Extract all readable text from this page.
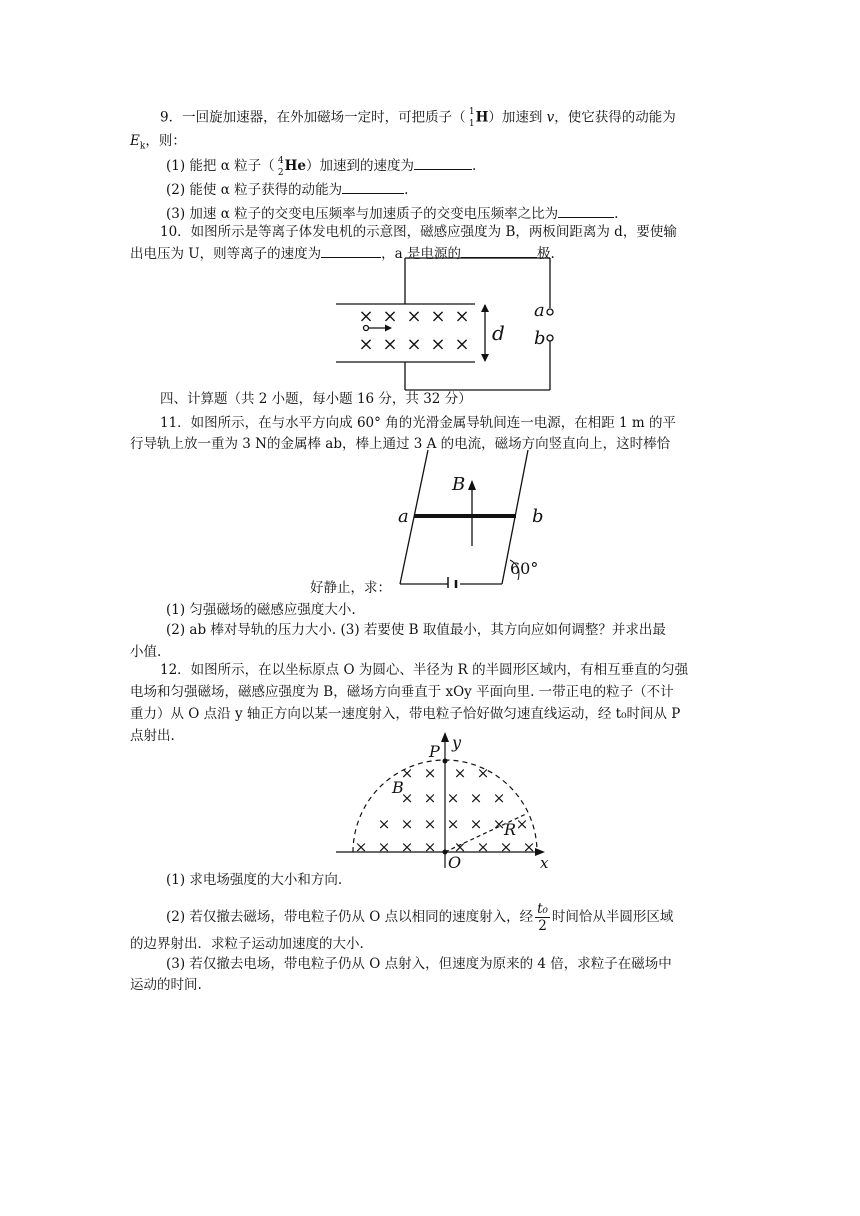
9．一回旋加速器，在外加磁场一定时，可把质子（ 1
1 H）加速到 v，使它获得的动能为
$E_k$，则：
(1) 能把 α 粒子（ 4
2 He）加速到的速度为	.
(2) 能使 α 粒子获得的动能为	.
(3) 加速 α 粒子的交变电压频率与加速质子的交变电压频率之比为	.
10．如图所示是等离子体发电机的示意图，磁感应强度为 B，两板间距离为 d，要使输
出电压为 U，则等离子的速度为	，a 是电源的	极.
× × × × ×
× × × × × d
a
b
四、计算题（共 2 小题，每小题 16 分，共 32 分）
11．如图所示，在与水平方向成 60° 角的光滑金属导轨间连一电源，在相距 1 m 的平
行导轨上放一重为 3 N的金属棒 ab，棒上通过 3 A 的电流，磁场方向竖直向上，这时棒恰
B
a	b
60°
好静止，求：
(1) 匀强磁场的磁感应强度大小.
(2) ab 棒对导轨的压力大小. (3) 若要使 B 取值最小，其方向应如何调整？并求出最
小值.
12．如图所示，在以坐标原点 O 为圆心、半径为 R 的半圆形区域内，有相互垂直的匀强
电场和匀强磁场，磁感应强度为 B，磁场方向垂直于 xOy 平面向里. 一带正电的粒子（不计
重力）从 O 点沿 y 轴正方向以某一速度射入，带电粒子恰好做匀速直线运动，经 t₀时间从 P
点射出.
× × × ×
× × × × ×
× × × × × × ×
× × × × × × × ×
P y
B
R
O	x
(1) 求电场强度的大小和方向.
(2) 若仅撤去磁场，带电粒子仍从 O 点以相同的速度射入，经 $\frac{\text{t₀}}{2}$ 时间恰从半圆形区域
的边界射出．求粒子运动加速度的大小.
(3) 若仅撤去电场，带电粒子仍从 O 点射入，但速度为原来的 4 倍，求粒子在磁场中
运动的时间.
